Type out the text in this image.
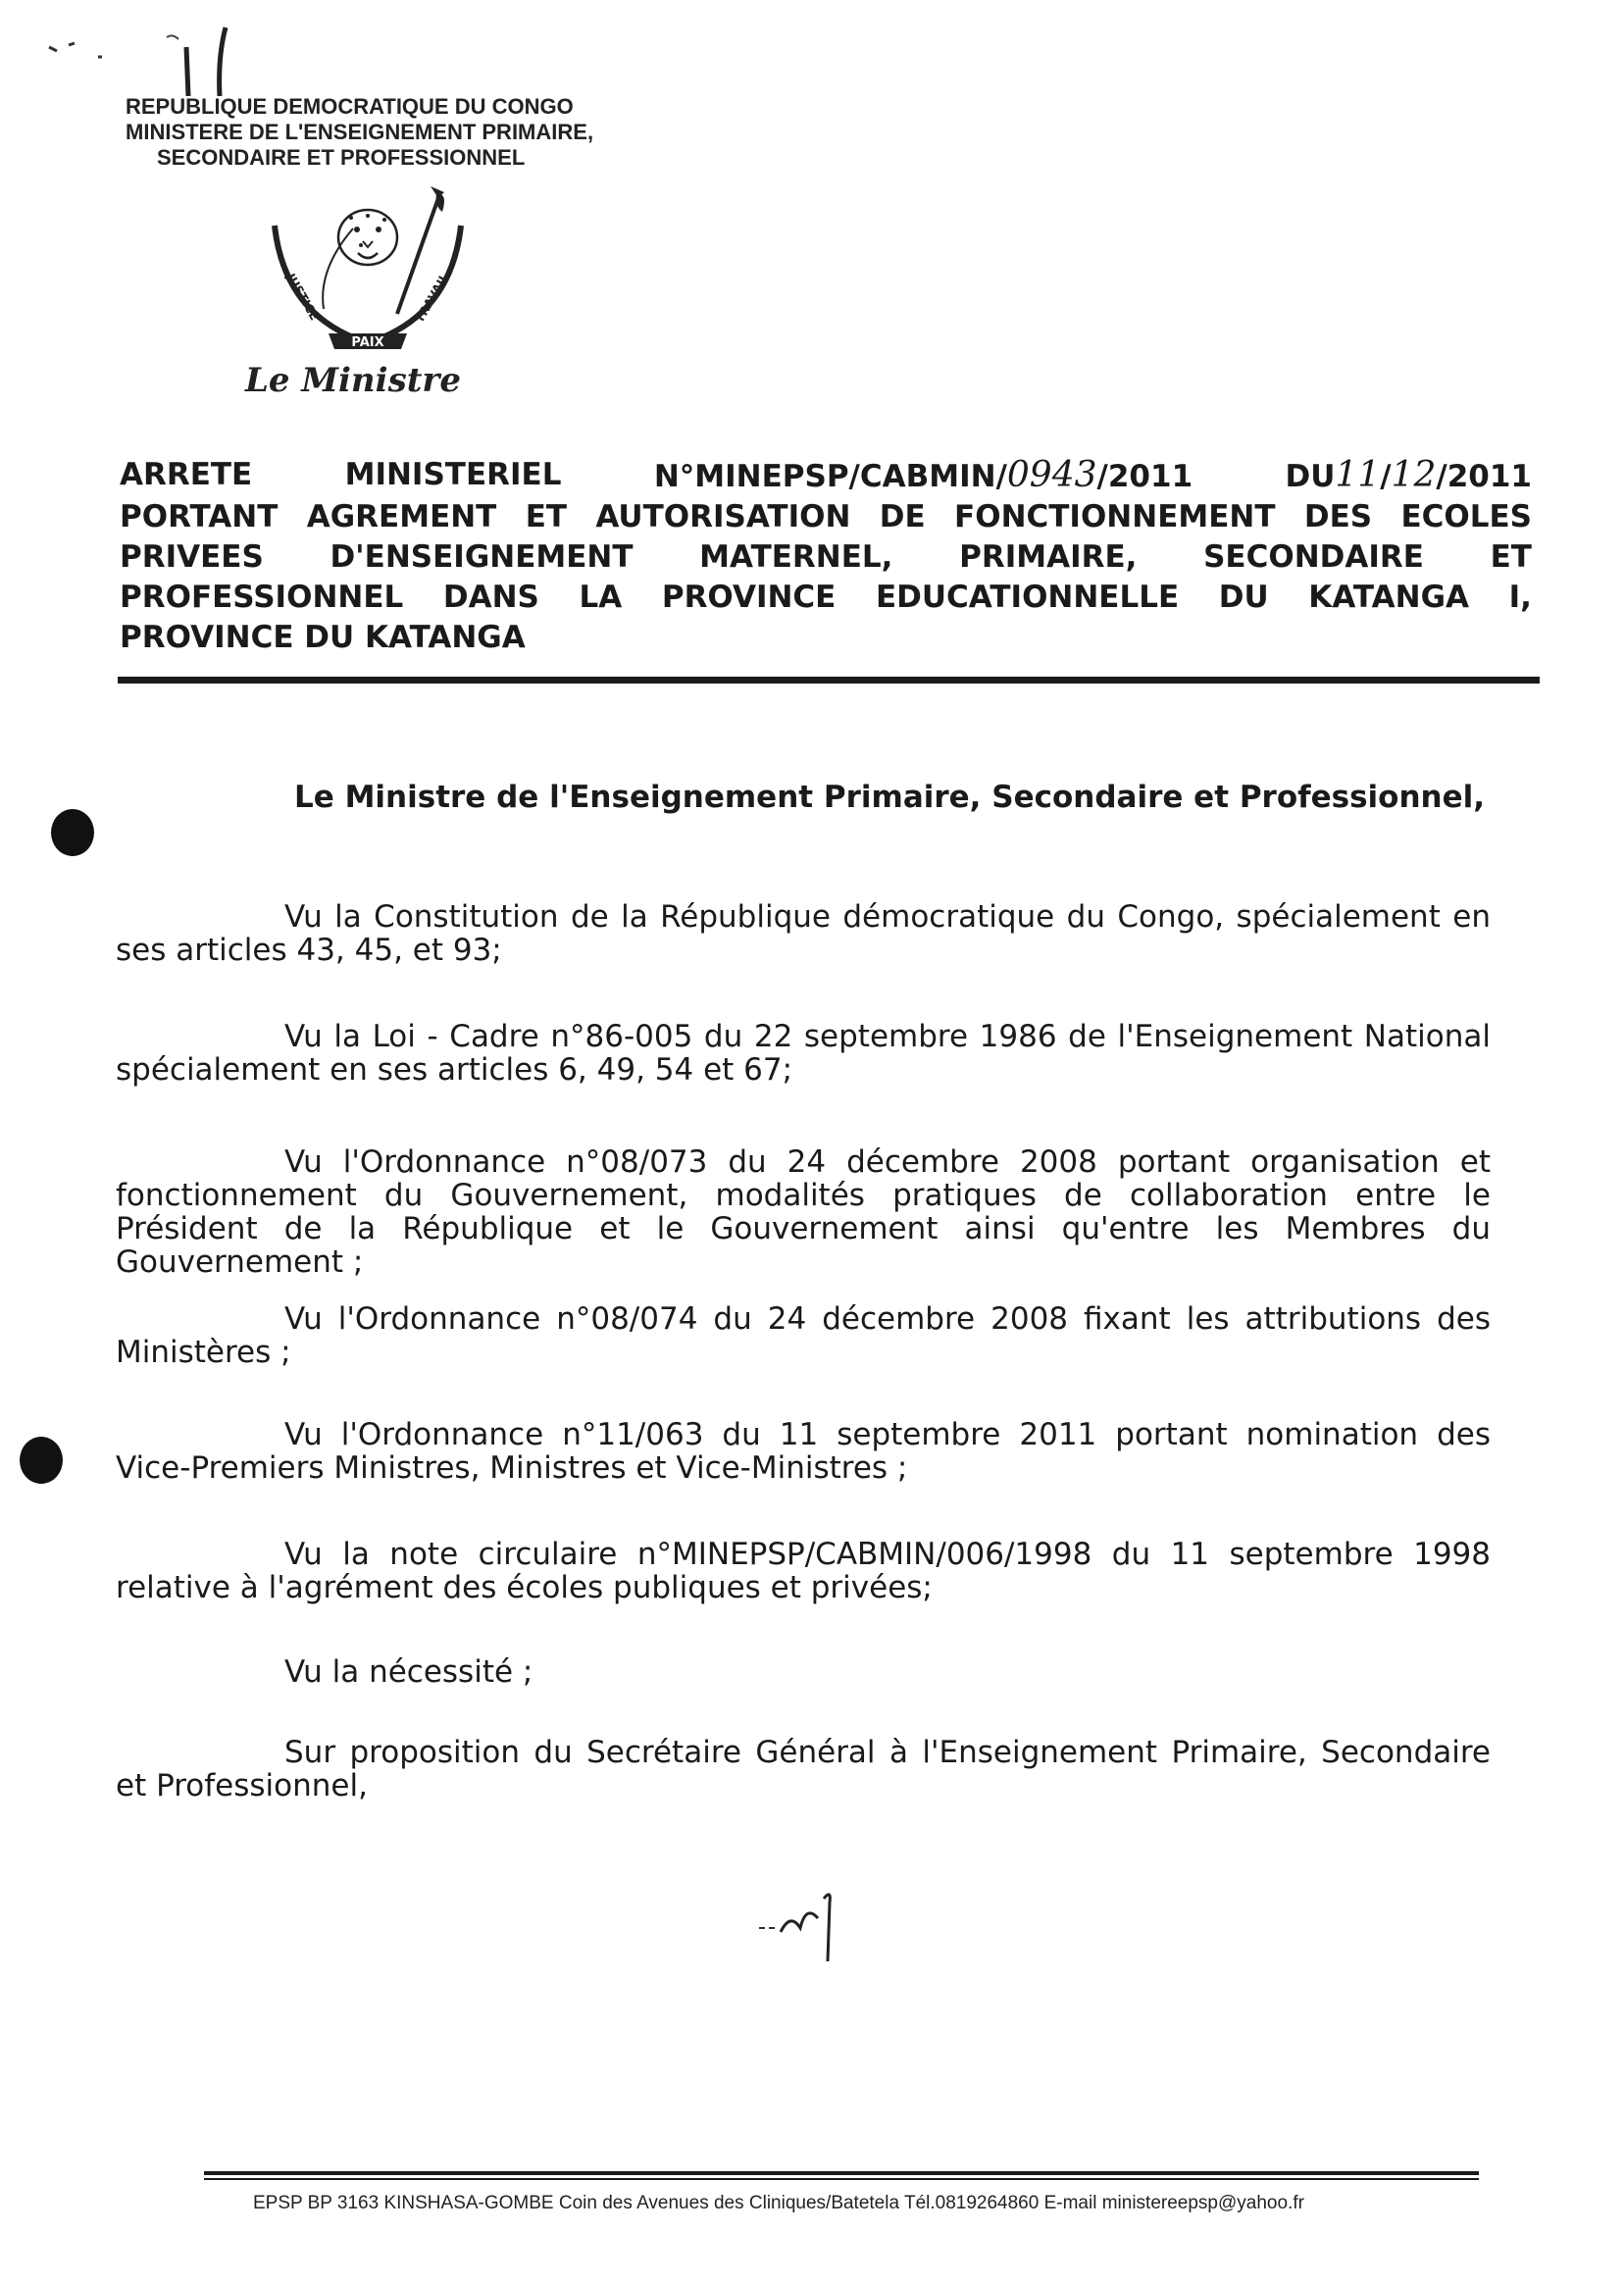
REPUBLIQUE DEMOCRATIQUE DU CONGO
MINISTERE DE L'ENSEIGNEMENT PRIMAIRE,
SECONDAIRE ET PROFESSIONNEL
PAIX
JUSTICE	TRAVAIL
Le Ministre
ARRETE	MINISTERIEL	N°MINEPSP/CABMIN/0943/2011	DU11/12/2011
PORTANT AGREMENT ET AUTORISATION DE FONCTIONNEMENT DES ECOLES
PRIVEES D'ENSEIGNEMENT MATERNEL, PRIMAIRE, SECONDAIRE ET
PROFESSIONNEL DANS LA PROVINCE EDUCATIONNELLE DU KATANGA I,
PROVINCE DU KATANGA
Le Ministre de l'Enseignement Primaire, Secondaire et Professionnel,

Vu la Constitution de la République démocratique du Congo, spécialement en ses articles 43, 45, et 93;

Vu la Loi - Cadre n°86-005 du 22 septembre 1986 de l'Enseignement National spécialement en ses articles 6, 49, 54 et 67;

Vu l'Ordonnance n°08/073 du 24 décembre 2008 portant organisation et fonctionnement du Gouvernement, modalités pratiques de collaboration entre le Président de la République et le Gouvernement ainsi qu'entre les Membres du Gouvernement ;

Vu l'Ordonnance n°08/074 du 24 décembre 2008 fixant les attributions des Ministères ;

Vu l'Ordonnance n°11/063 du 11 septembre 2011 portant nomination des Vice-Premiers Ministres, Ministres et Vice-Ministres ;

Vu la note circulaire n°MINEPSP/CABMIN/006/1998 du 11 septembre 1998 relative à l'agrément des écoles publiques et privées;

Vu la nécessité ;

Sur proposition du Secrétaire Général à l'Enseignement Primaire, Secondaire et Professionnel,

EPSP BP 3163 KINSHASA-GOMBE Coin des Avenues des Cliniques/Batetela Tél.0819264860 E-mail ministereepsp@yahoo.fr
